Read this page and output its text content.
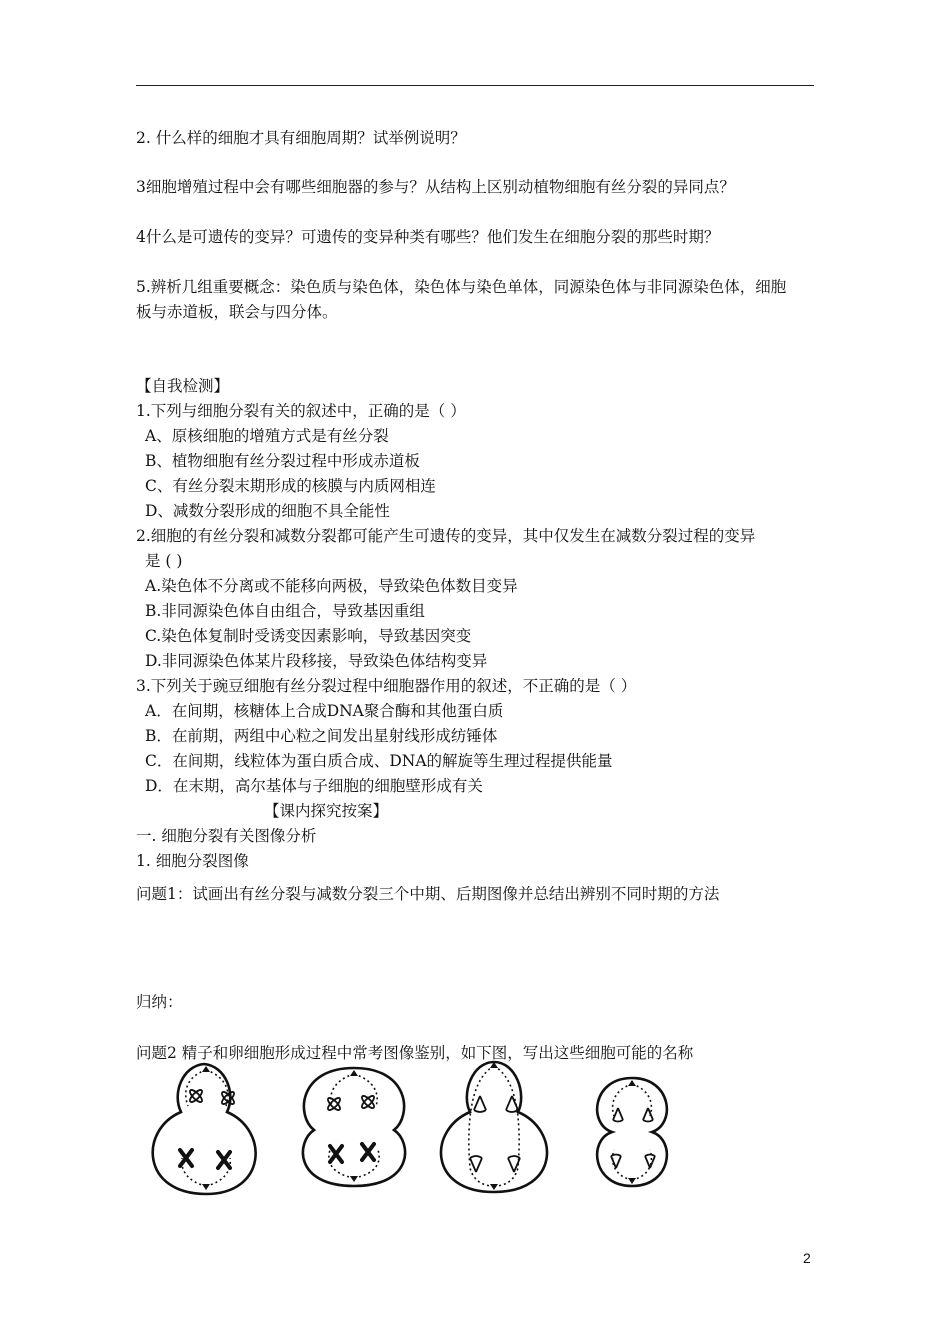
2. 什么样的细胞才具有细胞周期？试举例说明？
3细胞增殖过程中会有哪些细胞器的参与？从结构上区别动植物细胞有丝分裂的异同点？
4什么是可遗传的变异？可遗传的变异种类有哪些？他们发生在细胞分裂的那些时期？
5.辨析几组重要概念：染色质与染色体，染色体与染色单体，同源染色体与非同源染色体，细胞
板与赤道板，联会与四分体。
【自我检测】
1.下列与细胞分裂有关的叙述中，正确的是（ ）
A、原核细胞的增殖方式是有丝分裂
B、植物细胞有丝分裂过程中形成赤道板
C、有丝分裂末期形成的核膜与内质网相连
D、减数分裂形成的细胞不具全能性
2.细胞的有丝分裂和减数分裂都可能产生可遗传的变异，其中仅发生在减数分裂过程的变异
是 ( )
A.染色体不分离或不能移向两极，导致染色体数目变异
B.非同源染色体自由组合，导致基因重组
C.染色体复制时受诱变因素影响，导致基因突变
D.非同源染色体某片段移接，导致染色体结构变异
3.下列关于豌豆细胞有丝分裂过程中细胞器作用的叙述，不正确的是（ ）
A．在间期，核糖体上合成DNA聚合酶和其他蛋白质
B．在前期，两组中心粒之间发出星射线形成纺锤体
C．在间期，线粒体为蛋白质合成、DNA的解旋等生理过程提供能量
D．在末期，高尔基体与子细胞的细胞壁形成有关
【课内探究按案】
一. 细胞分裂有关图像分析
1. 细胞分裂图像
问题1：试画出有丝分裂与减数分裂三个中期、后期图像并总结出辨别不同时期的方法
归纳：
问题2 精子和卵细胞形成过程中常考图像鉴别，如下图，写出这些细胞可能的名称
2
